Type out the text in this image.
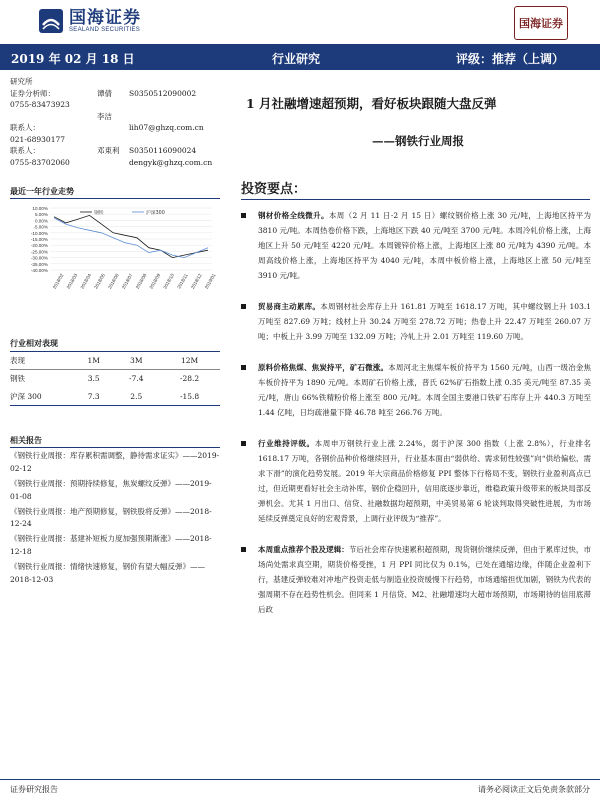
国海证券
SEALAND SECURITIES	国海证券
2019 年 02 月 18 日	行业研究	评级：推荐（上调）
研究所
证券分析师：	谭倩	S0350512090002
0755-83473923
李洁
联系人：	lih07@ghzq.com.cn
021-68930177
联系人：	邓東利	S0350116090024
0755-83702060	dengyk@ghzq.com.cn
最近一年行业走势
10.00%
5.00%
0.00%
-5.00%
-10.00%
-15.00%
-20.00%
-25.00%
-30.00%
-35.00%
-40.00%
2018/02 2018/03 2018/04 2018/05 2018/06 2018/07 2018/08 2018/09 2018/10 2018/11 2018/12 2019/01
钢铁	沪深300
行业相对表现
表现	1M	3M	12M
钢铁	3.5	-7.4	-28.2
沪深 300	7.3	2.5	-15.8
相关报告
《钢铁行业周报：库存累积需调整，静待需求证实》——2019-02-12
《钢铁行业周报：预期持续修复，焦炭螺纹反弹》——2019-01-08
《钢铁行业周报：地产预期修复，钢铁股将反弹》——2018-12-24
《钢铁行业周报：基建补短板力度加强预期渐涨》——2018-12-18
《钢铁行业周报：情绪快速修复，钢价有望大幅反弹》——2018-12-03
1 月社融增速超预期，看好板块跟随大盘反弹
——钢铁行业周报
投资要点：
钢材价格全线微升。本周（2 月 11 日-2 月 15 日）螺纹钢价格上涨 30 元/吨，上海地区持平为 3810 元/吨。本周热卷价格下跌，上海地区下跌 40 元/吨至 3700 元/吨。本周冷轧价格上涨，上海地区上升 50 元/吨至 4220 元/吨。本周镀锌价格上涨，上海地区上涨 80 元/吨为 4390 元/吨。本周高线价格上涨，上海地区持平为 4040 元/吨，本周中板价格上涨，上海地区上涨 50 元/吨至 3910 元/吨。
贸易商主动累库。本周钢材社会库存上升 161.81 万吨至 1618.17 万吨，其中螺纹钢上升 103.1 万吨至 827.69 万吨；线材上升 30.24 万吨至 278.72 万吨；热卷上升 22.47 万吨至 260.07 万吨；中板上升 3.99 万吨至 132.09 万吨；冷轧上升 2.01 万吨至 119.60 万吨。
原料价格焦煤、焦炭持平，矿石微涨。本周河北主焦煤车板价持平为 1560 元/吨，山西一级冶金焦车板价持平为 1890 元/吨。本周矿石价格上涨，普氏 62%矿石指数上涨 0.35 美元/吨至 87.35 美元/吨，唐山 66%铁精粉价格上涨至 800 元/吨。本周全国主要港口铁矿石库存上升 440.3 万吨至 1.44 亿吨，日均疏港量下降 46.78 吨至 266.76 万吨。
行业维持评级。本周申万钢铁行业上涨 2.24%，弱于沪深 300 指数（上涨 2.8%），行业排名 1618.17 万吨，各钢价品种价格继续回升，行业基本面由“弱供给、需求韧性较强”向“供给偏松、需求下滑”的演化趋势发展。2019 年大宗商品价格修复 PPI 整体下行格局不变，钢铁行业盈利高点已过，但近期更看好社会主动补库，钢价企稳回升，信用底逐步靠近，维稳政策升级带来的板块局部反弹机会。尤其 1 月出口、信贷、社融数据均超预期，中美贸易第 6 轮谈判取得突破性进展，为市场延续反弹奠定良好的宏观背景，上调行业评级为“推荐”。
本周重点推荐个股及逻辑：节后社会库存快速累积超预期，现货钢价继续反弹，但由于累库过快，市场尚处需求真空期，期货价格受挫，1 月 PPI 同比仅为 0.1%，已处在通缩边缘，伴随企业盈利下行，基建反弹较难对冲地产投资走低与制造业投资缓慢下行趋势，市场通缩担忧加剧，钢铁为代表的强周期不存在趋势性机会。但同来 1 月信贷、M2、社融增速均大超市场预期，市场期待的信用底滞后政
证券研究报告	请务必阅读正文后免责条款部分
